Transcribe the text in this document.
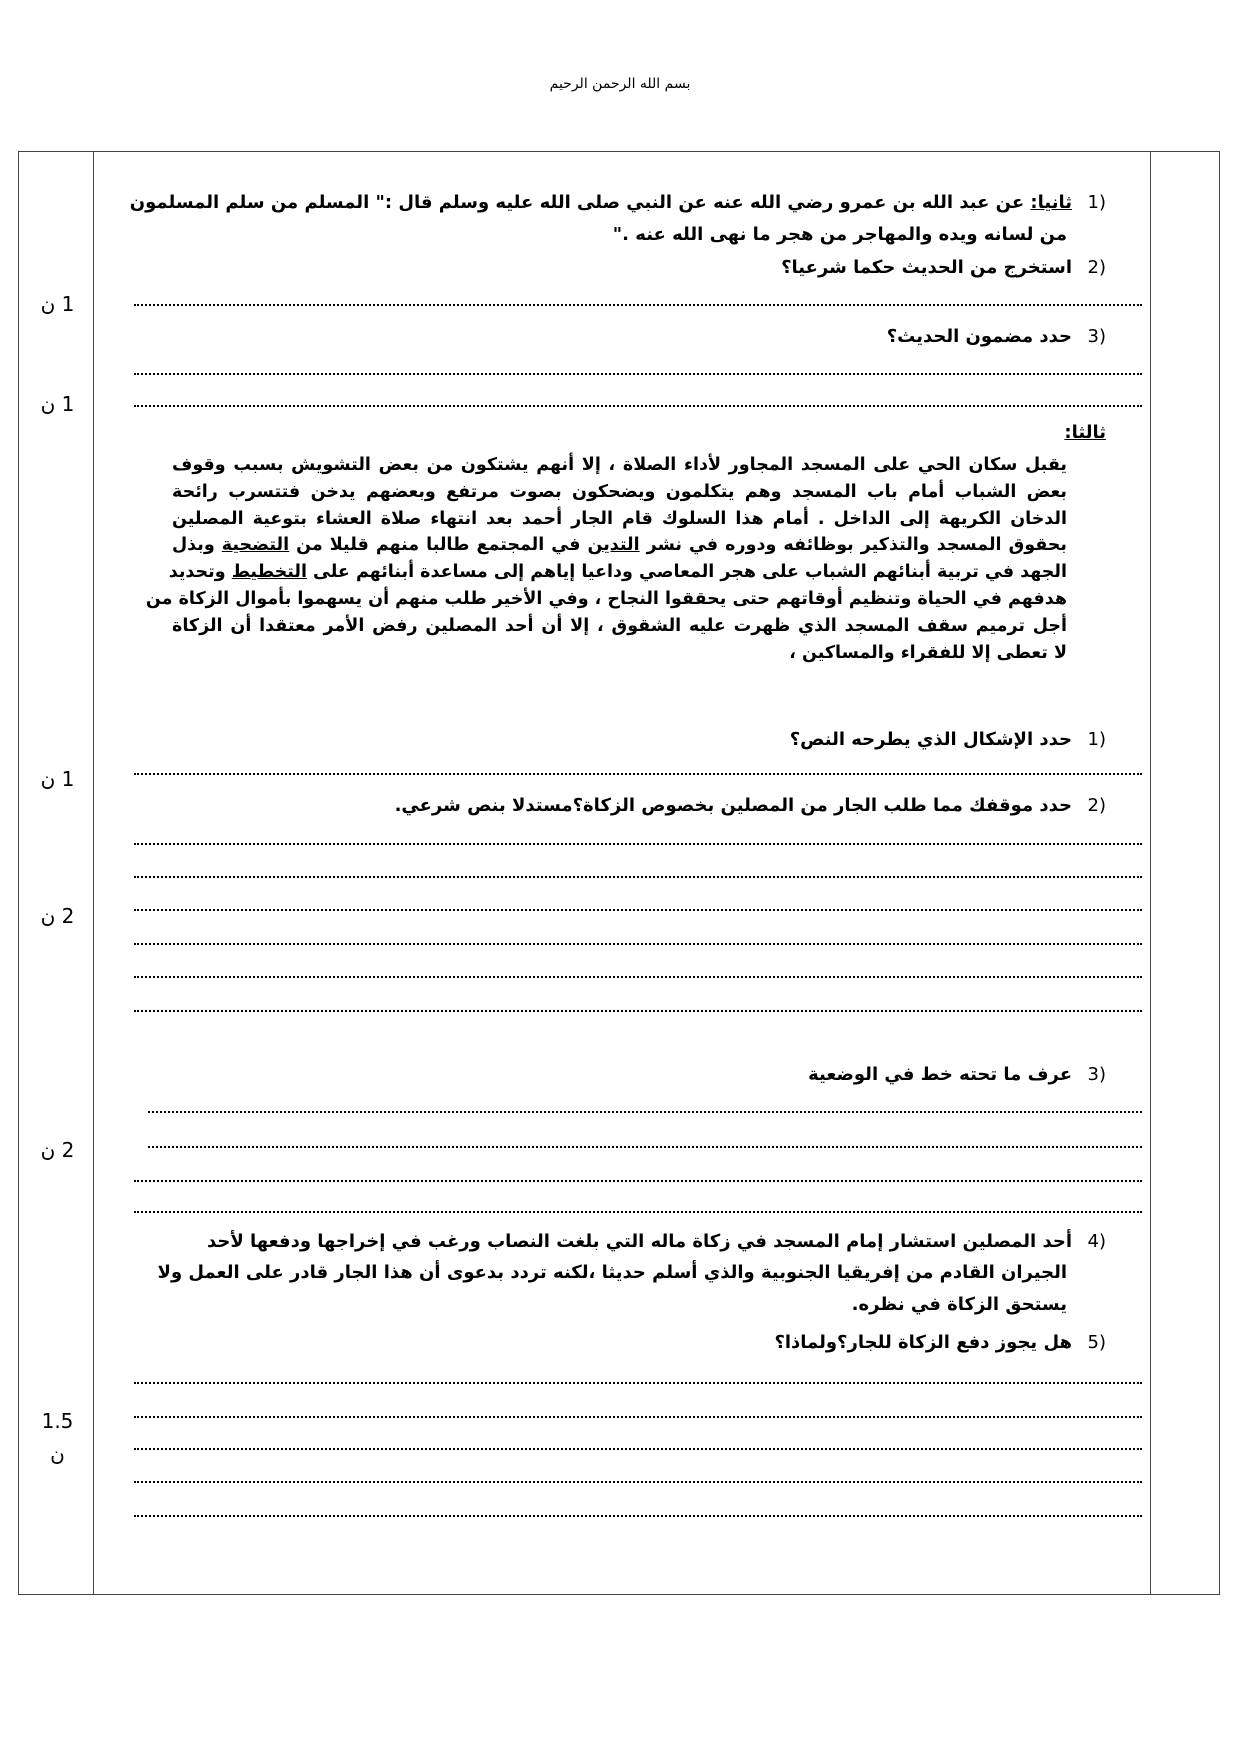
بسم الله الرحمن الرحيم
(1ثانيا: عن عبد الله بن عمرو رضي الله عنه عن النبي صلى الله عليه وسلم قال :" المسلم من سلم المسلمون
من لسانه ويده والمهاجر من هجر ما نهى الله عنه ."
(2استخرج من الحديث حكما شرعيا؟
1 ن
(3حدد مضمون الحديث؟
1 ن
ثالثا:
يقبل سكان الحي على المسجد المجاور لأداء الصلاة ، إلا أنهم يشتكون من بعض التشويش بسبب وقوف
بعض الشباب أمام باب المسجد وهم يتكلمون ويضحكون بصوت مرتفع وبعضهم يدخن فتتسرب رائحة
الدخان الكريهة إلى الداخل . أمام هذا السلوك قام الجار أحمد بعد انتهاء صلاة العشاء بتوعية المصلين
بحقوق المسجد والتذكير بوظائفه ودوره في نشر التدين في المجتمع طالبا منهم قليلا من التضحية وبذل
الجهد في تربية أبنائهم الشباب على هجر المعاصي وداعيا إياهم إلى مساعدة أبنائهم على التخطيط وتحديد
هدفهم في الحياة وتنظيم أوقاتهم حتى يحققوا النجاح ، وفي الأخير طلب منهم أن يسهموا بأموال الزكاة من
أجل ترميم سقف المسجد الذي ظهرت عليه الشقوق ، إلا أن أحد المصلين رفض الأمر معتقدا أن الزكاة
لا تعطى إلا للفقراء والمساكين ،
(1حدد الإشكال الذي يطرحه النص؟
1 ن
(2حدد موقفك مما طلب الجار من المصلين بخصوص الزكاة؟مستدلا بنص شرعي.
2 ن
(3عرف ما تحته خط في الوضعية
2 ن
(4أحد المصلين استشار إمام المسجد في زكاة ماله التي بلغت النصاب ورغب في إخراجها ودفعها لأحد
الجيران القادم من إفريقيا الجنوبية والذي أسلم حديثا ،لكنه تردد بدعوى أن هذا الجار قادر على العمل ولا
يستحق الزكاة في نظره.
(5هل يجوز دفع الزكاة للجار؟ولماذا؟
1.5
ن
